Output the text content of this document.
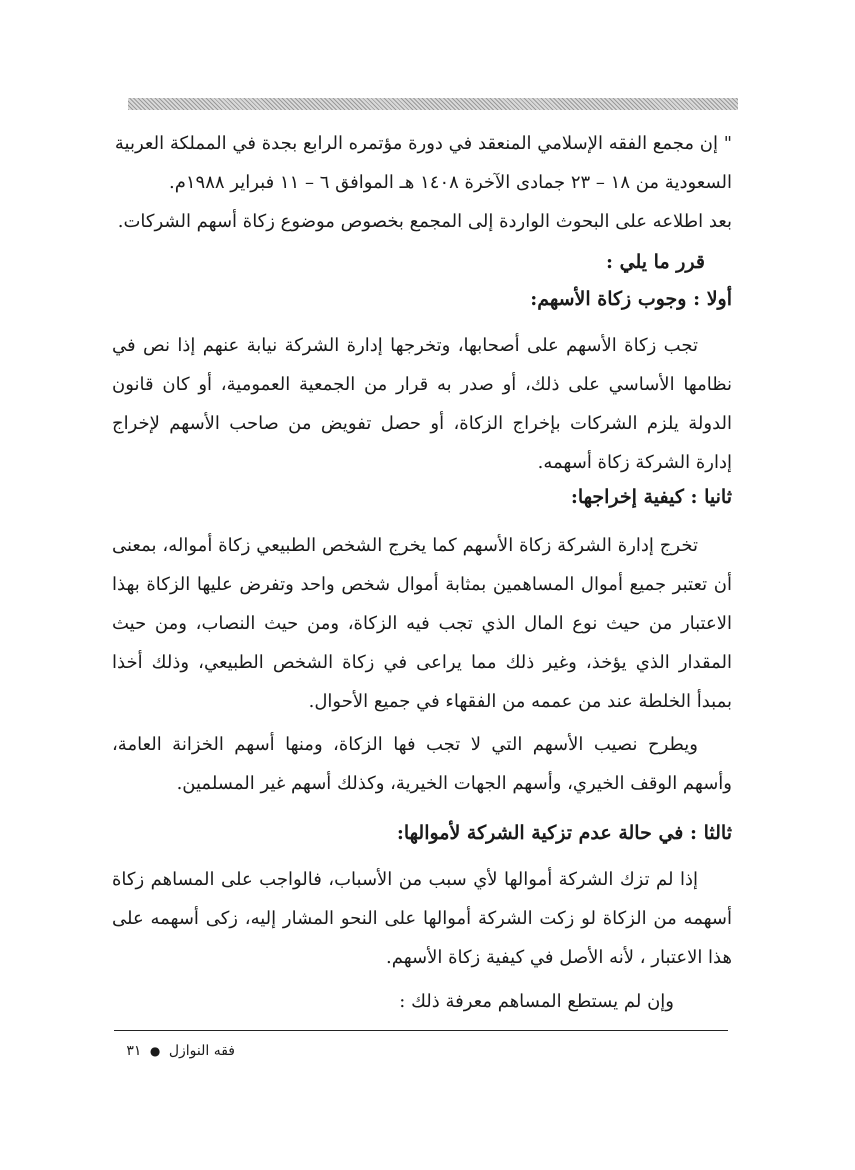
" إن مجمع الفقه الإسلامي المنعقد في دورة مؤتمره الرابع بجدة في المملكة العربية

السعودية من ١٨ – ٢٣ جمادى الآخرة ١٤٠٨ هـ الموافق ٦ – ١١ فبراير ١٩٨٨م.

بعد اطلاعه على البحوث الواردة إلى المجمع بخصوص موضوع زكاة أسهم الشركات.

قرر ما يلي :
أولا : وجوب زكاة الأسهم:

تجب زكاة الأسهم على أصحابها، وتخرجها إدارة الشركة نيابة عنهم إذا نص في نظامها الأساسي على ذلك، أو صدر به قرار من الجمعية العمومية، أو كان قانون الدولة يلزم الشركات بإخراج الزكاة، أو حصل تفويض من صاحب الأسهم لإخراج إدارة الشركة زكاة أسهمه.

ثانيا : كيفية إخراجها:

تخرج إدارة الشركة زكاة الأسهم كما يخرج الشخص الطبيعي زكاة أمواله، بمعنى أن تعتبر جميع أموال المساهمين بمثابة أموال شخص واحد وتفرض عليها الزكاة بهذا الاعتبار من حيث نوع المال الذي تجب فيه الزكاة، ومن حيث النصاب، ومن حيث المقدار الذي يؤخذ، وغير ذلك مما يراعى في زكاة الشخص الطبيعي، وذلك أخذا بمبدأ الخلطة عند من عممه من الفقهاء في جميع الأحوال.

ويطرح نصيب الأسهم التي لا تجب فها الزكاة، ومنها أسهم الخزانة العامة، وأسهم الوقف الخيري، وأسهم الجهات الخيرية، وكذلك أسهم غير المسلمين.

ثالثا : في حالة عدم تزكية الشركة لأموالها:

إذا لم تزك الشركة أموالها لأي سبب من الأسباب، فالواجب على المساهم زكاة أسهمه من الزكاة لو زكت الشركة أموالها على النحو المشار إليه، زكى أسهمه على هذا الاعتبار ، لأنه الأصل في كيفية زكاة الأسهم.

وإن لم يستطع المساهم معرفة ذلك :

فقه النوازل ● ٣١
